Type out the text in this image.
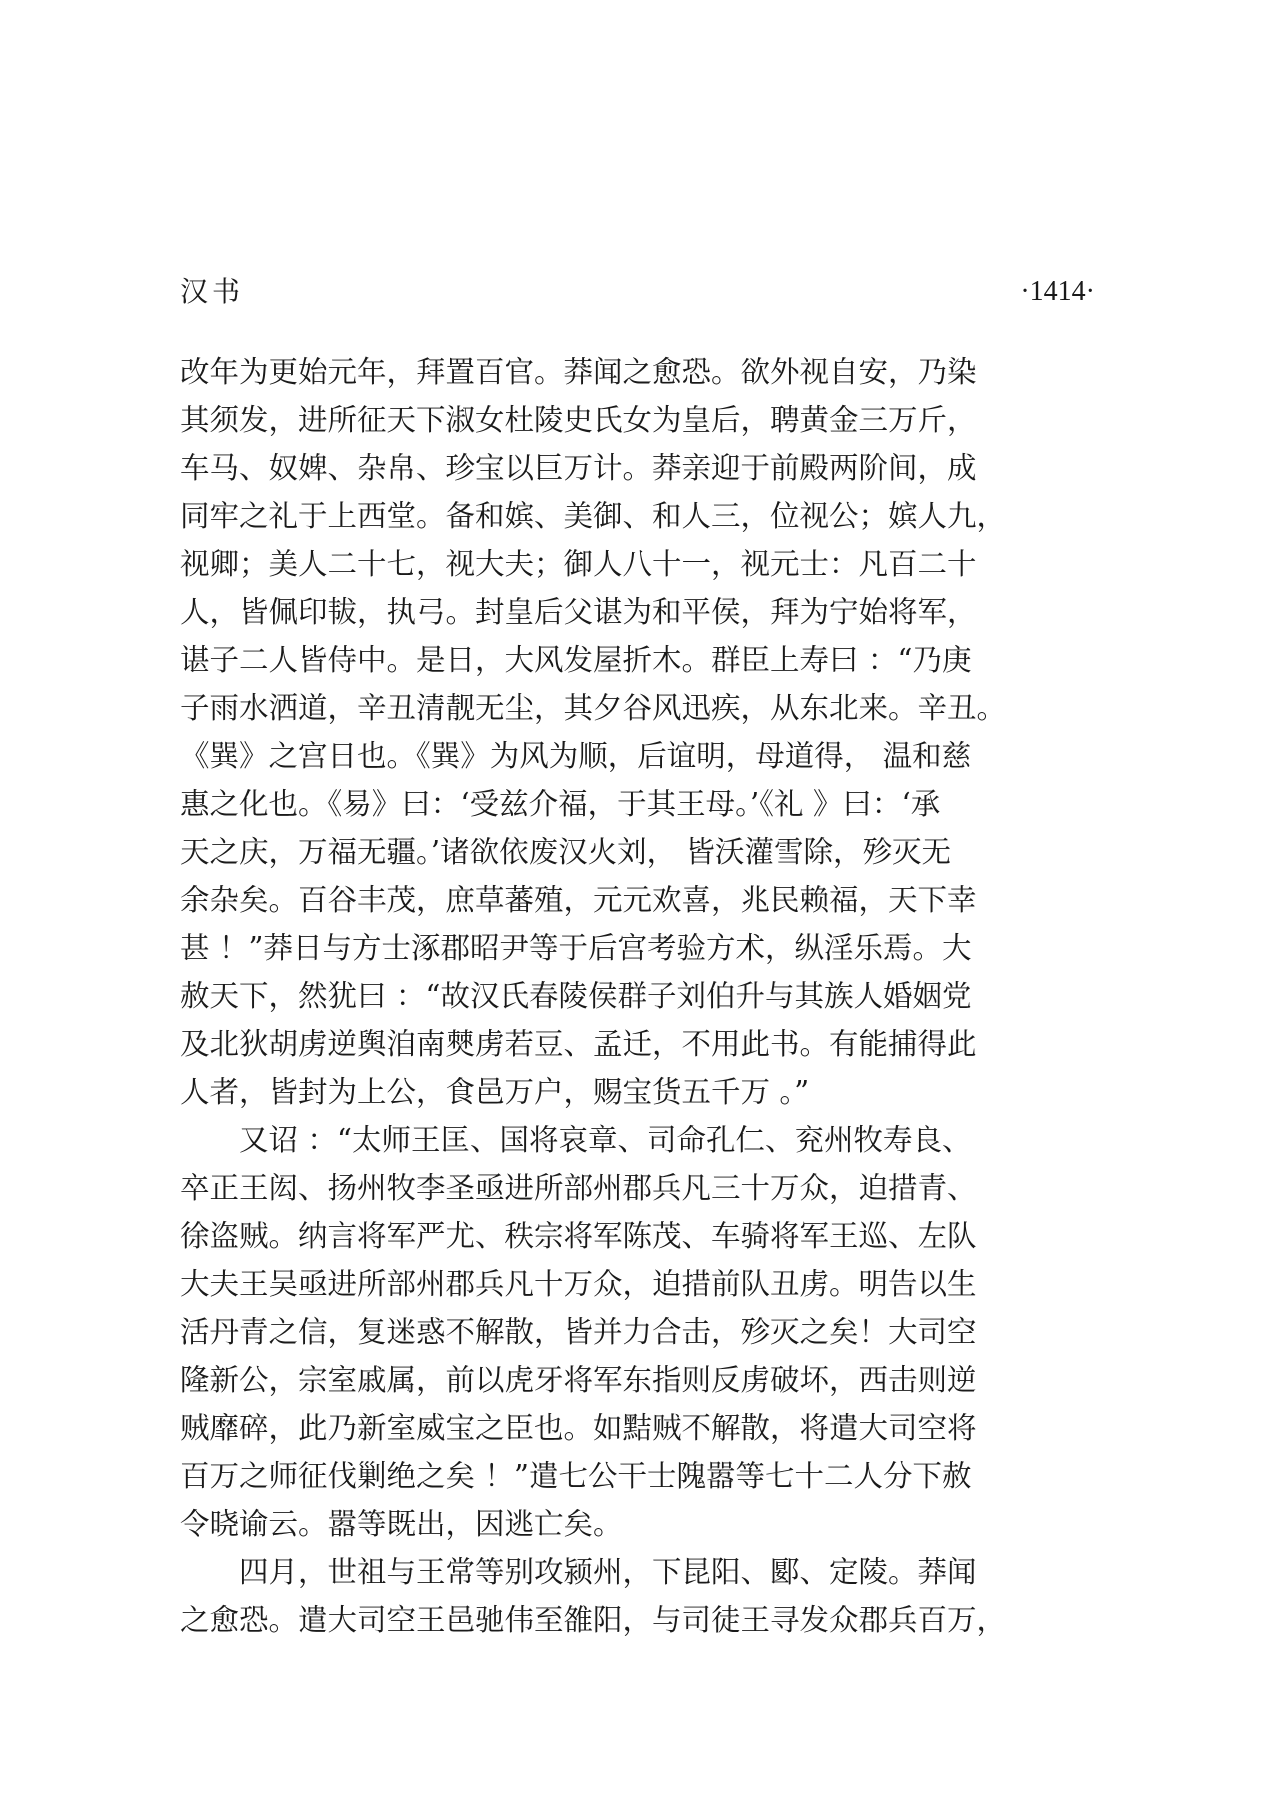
汉书	·1414·
改年为更始元年，拜置百官。莽闻之愈恐。欲外视自安，乃染
其须发，进所征天下淑女杜陵史氏女为皇后，聘黄金三万斤，
车马、奴婢、杂帛、珍宝以巨万计。莽亲迎于前殿两阶间，成
同牢之礼于上西堂。备和嫔、美御、和人三，位视公；嫔人九，
视卿；美人二十七，视大夫；御人八十一，视元士：凡百二十
人，皆佩印韨，执弓。封皇后父谌为和平侯，拜为宁始将军，
谌子二人皆侍中。是日，大风发屋折木。群臣上寿曰 ：“乃庚
子雨水洒道，辛丑清靓无尘，其夕谷风迅疾，从东北来。辛丑。
《巽》之宫日也。《巽》为风为顺，后谊明，母道得， 温和慈
惠之化也。《易》曰：‘受兹介福，于其王母。’《礼 》曰：‘承
天之庆，万福无疆。’诸欲依废汉火刘， 皆沃灌雪除，殄灭无
余杂矣。百谷丰茂，庶草蕃殖，元元欢喜，兆民赖福，天下幸
甚 ！”莽日与方士涿郡昭尹等于后宫考验方术，纵淫乐焉。大
赦天下，然犹曰 ：“故汉氏春陵侯群子刘伯升与其族人婚姻党
及北狄胡虏逆舆洎南僰虏若豆、孟迁，不用此书。有能捕得此
人者，皆封为上公，食邑万户，赐宝货五千万 。”
　　又诏 ：“太师王匡、国将哀章、司命孔仁、兖州牧寿良、
卒正王闳、扬州牧李圣亟进所部州郡兵凡三十万众，迫措青、
徐盗贼。纳言将军严尤、秩宗将军陈茂、车骑将军王巡、左队
大夫王吴亟进所部州郡兵凡十万众，迫措前队丑虏。明告以生
活丹青之信，复迷惑不解散，皆并力合击，殄灭之矣！大司空
隆新公，宗室戚属，前以虎牙将军东指则反虏破坏，西击则逆
贼靡碎，此乃新室威宝之臣也。如黠贼不解散，将遣大司空将
百万之师征伐剿绝之矣 ！”遣七公干士隗嚣等七十二人分下赦
令晓谕云。嚣等既出，因逃亡矣。
　　四月，世祖与王常等别攻颍州，下昆阳、郾、定陵。莽闻
之愈恐。遣大司空王邑驰伟至雒阳，与司徒王寻发众郡兵百万，
